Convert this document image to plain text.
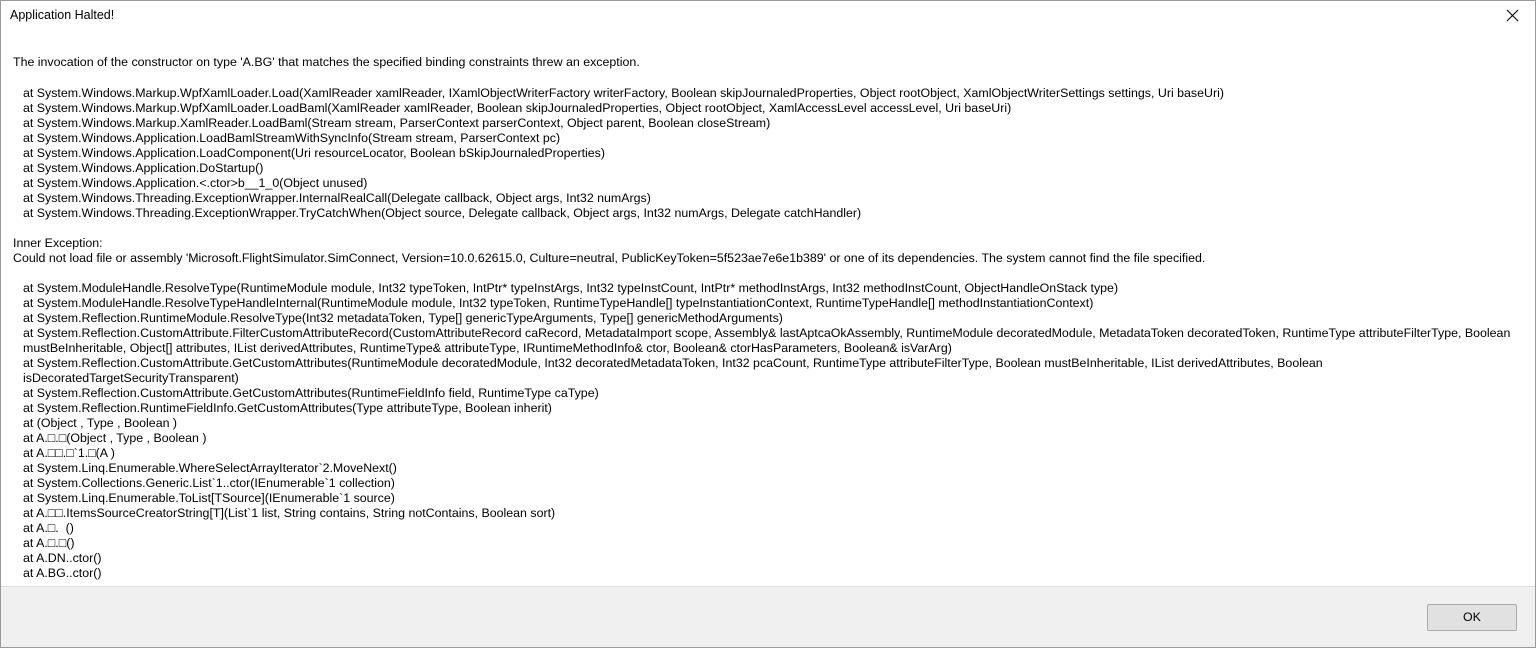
Application Halted!
The invocation of the constructor on type 'A.BG' that matches the specified binding constraints threw an exception.
at System.Windows.Markup.WpfXamlLoader.Load(XamlReader xamlReader, IXamlObjectWriterFactory writerFactory, Boolean skipJournaledProperties, Object rootObject, XamlObjectWriterSettings settings, Uri baseUri)
at System.Windows.Markup.WpfXamlLoader.LoadBaml(XamlReader xamlReader, Boolean skipJournaledProperties, Object rootObject, XamlAccessLevel accessLevel, Uri baseUri)
at System.Windows.Markup.XamlReader.LoadBaml(Stream stream, ParserContext parserContext, Object parent, Boolean closeStream)
at System.Windows.Application.LoadBamlStreamWithSyncInfo(Stream stream, ParserContext pc)
at System.Windows.Application.LoadComponent(Uri resourceLocator, Boolean bSkipJournaledProperties)
at System.Windows.Application.DoStartup()
at System.Windows.Application.<.ctor>b__1_0(Object unused)
at System.Windows.Threading.ExceptionWrapper.InternalRealCall(Delegate callback, Object args, Int32 numArgs)
at System.Windows.Threading.ExceptionWrapper.TryCatchWhen(Object source, Delegate callback, Object args, Int32 numArgs, Delegate catchHandler)
Inner Exception:
Could not load file or assembly 'Microsoft.FlightSimulator.SimConnect, Version=10.0.62615.0, Culture=neutral, PublicKeyToken=5f523ae7e6e1b389' or one of its dependencies. The system cannot find the file specified.
at System.ModuleHandle.ResolveType(RuntimeModule module, Int32 typeToken, IntPtr* typeInstArgs, Int32 typeInstCount, IntPtr* methodInstArgs, Int32 methodInstCount, ObjectHandleOnStack type)
at System.ModuleHandle.ResolveTypeHandleInternal(RuntimeModule module, Int32 typeToken, RuntimeTypeHandle[] typeInstantiationContext, RuntimeTypeHandle[] methodInstantiationContext)
at System.Reflection.RuntimeModule.ResolveType(Int32 metadataToken, Type[] genericTypeArguments, Type[] genericMethodArguments)
at System.Reflection.CustomAttribute.FilterCustomAttributeRecord(CustomAttributeRecord caRecord, MetadataImport scope, Assembly& lastAptcaOkAssembly, RuntimeModule decoratedModule, MetadataToken decoratedToken, RuntimeType attributeFilterType, Boolean mustBeInheritable, Object[] attributes, IList derivedAttributes, RuntimeType& attributeType, IRuntimeMethodInfo& ctor, Boolean& ctorHasParameters, Boolean& isVarArg)
at System.Reflection.CustomAttribute.GetCustomAttributes(RuntimeModule decoratedModule, Int32 decoratedMetadataToken, Int32 pcaCount, RuntimeType attributeFilterType, Boolean mustBeInheritable, IList derivedAttributes, Boolean isDecoratedTargetSecurityTransparent)
at System.Reflection.CustomAttribute.GetCustomAttributes(RuntimeFieldInfo field, RuntimeType caType)
at System.Reflection.RuntimeFieldInfo.GetCustomAttributes(Type attributeType, Boolean inherit)
at (Object , Type , Boolean )
at A.□.□(Object , Type , Boolean )
at A.□□.□`1.□(A )
at System.Linq.Enumerable.WhereSelectArrayIterator`2.MoveNext()
at System.Collections.Generic.List`1..ctor(IEnumerable`1 collection)
at System.Linq.Enumerable.ToList[TSource](IEnumerable`1 source)
at A.□□.ItemsSourceCreatorString[T](List`1 list, String contains, String notContains, Boolean sort)
at A.□.  ()
at A.□.□()
at A.DN..ctor()
at A.BG..ctor()
OK
